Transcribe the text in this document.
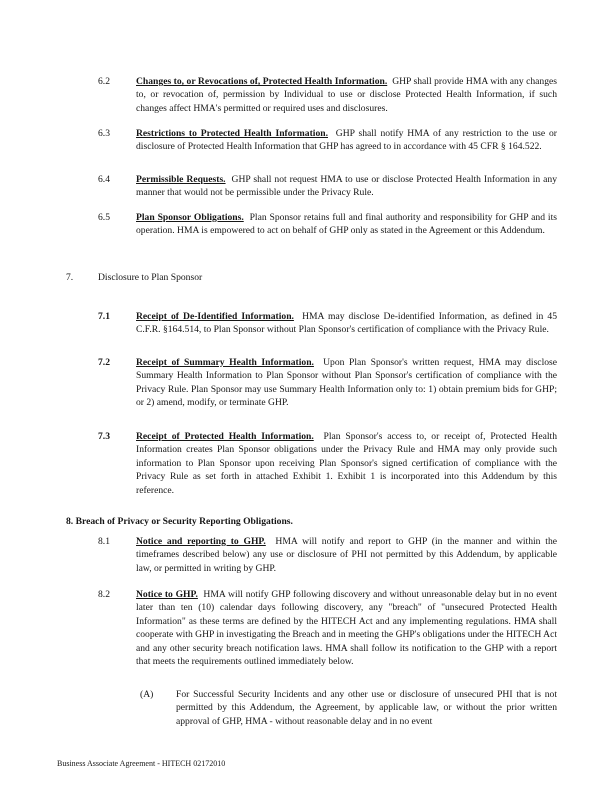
6.2	Changes to, or Revocations of, Protected Health Information. GHP shall provide HMA with any changes to, or revocation of, permission by Individual to use or disclose Protected Health Information, if such changes affect HMA's permitted or required uses and disclosures.
6.3	Restrictions to Protected Health Information. GHP shall notify HMA of any restriction to the use or disclosure of Protected Health Information that GHP has agreed to in accordance with 45 CFR § 164.522.
6.4	Permissible Requests. GHP shall not request HMA to use or disclose Protected Health Information in any manner that would not be permissible under the Privacy Rule.
6.5	Plan Sponsor Obligations. Plan Sponsor retains full and final authority and responsibility for GHP and its operation. HMA is empowered to act on behalf of GHP only as stated in the Agreement or this Addendum.
7.	Disclosure to Plan Sponsor
7.1	Receipt of De-Identified Information. HMA may disclose De-identified Information, as defined in 45 C.F.R. §164.514, to Plan Sponsor without Plan Sponsor's certification of compliance with the Privacy Rule.
7.2	Receipt of Summary Health Information. Upon Plan Sponsor's written request, HMA may disclose Summary Health Information to Plan Sponsor without Plan Sponsor's certification of compliance with the Privacy Rule. Plan Sponsor may use Summary Health Information only to: 1) obtain premium bids for GHP; or 2) amend, modify, or terminate GHP.
7.3	Receipt of Protected Health Information. Plan Sponsor's access to, or receipt of, Protected Health Information creates Plan Sponsor obligations under the Privacy Rule and HMA may only provide such information to Plan Sponsor upon receiving Plan Sponsor's signed certification of compliance with the Privacy Rule as set forth in attached Exhibit 1. Exhibit 1 is incorporated into this Addendum by this reference.
8. Breach of Privacy or Security Reporting Obligations.
8.1	Notice and reporting to GHP. HMA will notify and report to GHP (in the manner and within the timeframes described below) any use or disclosure of PHI not permitted by this Addendum, by applicable law, or permitted in writing by GHP.
8.2	Notice to GHP. HMA will notify GHP following discovery and without unreasonable delay but in no event later than ten (10) calendar days following discovery, any "breach" of "unsecured Protected Health Information" as these terms are defined by the HITECH Act and any implementing regulations. HMA shall cooperate with GHP in investigating the Breach and in meeting the GHP's obligations under the HITECH Act and any other security breach notification laws. HMA shall follow its notification to the GHP with a report that meets the requirements outlined immediately below.
(A) For Successful Security Incidents and any other use or disclosure of unsecured PHI that is not permitted by this Addendum, the Agreement, by applicable law, or without the prior written approval of GHP, HMA - without reasonable delay and in no event
Business Associate Agreement - HITECH 02172010
